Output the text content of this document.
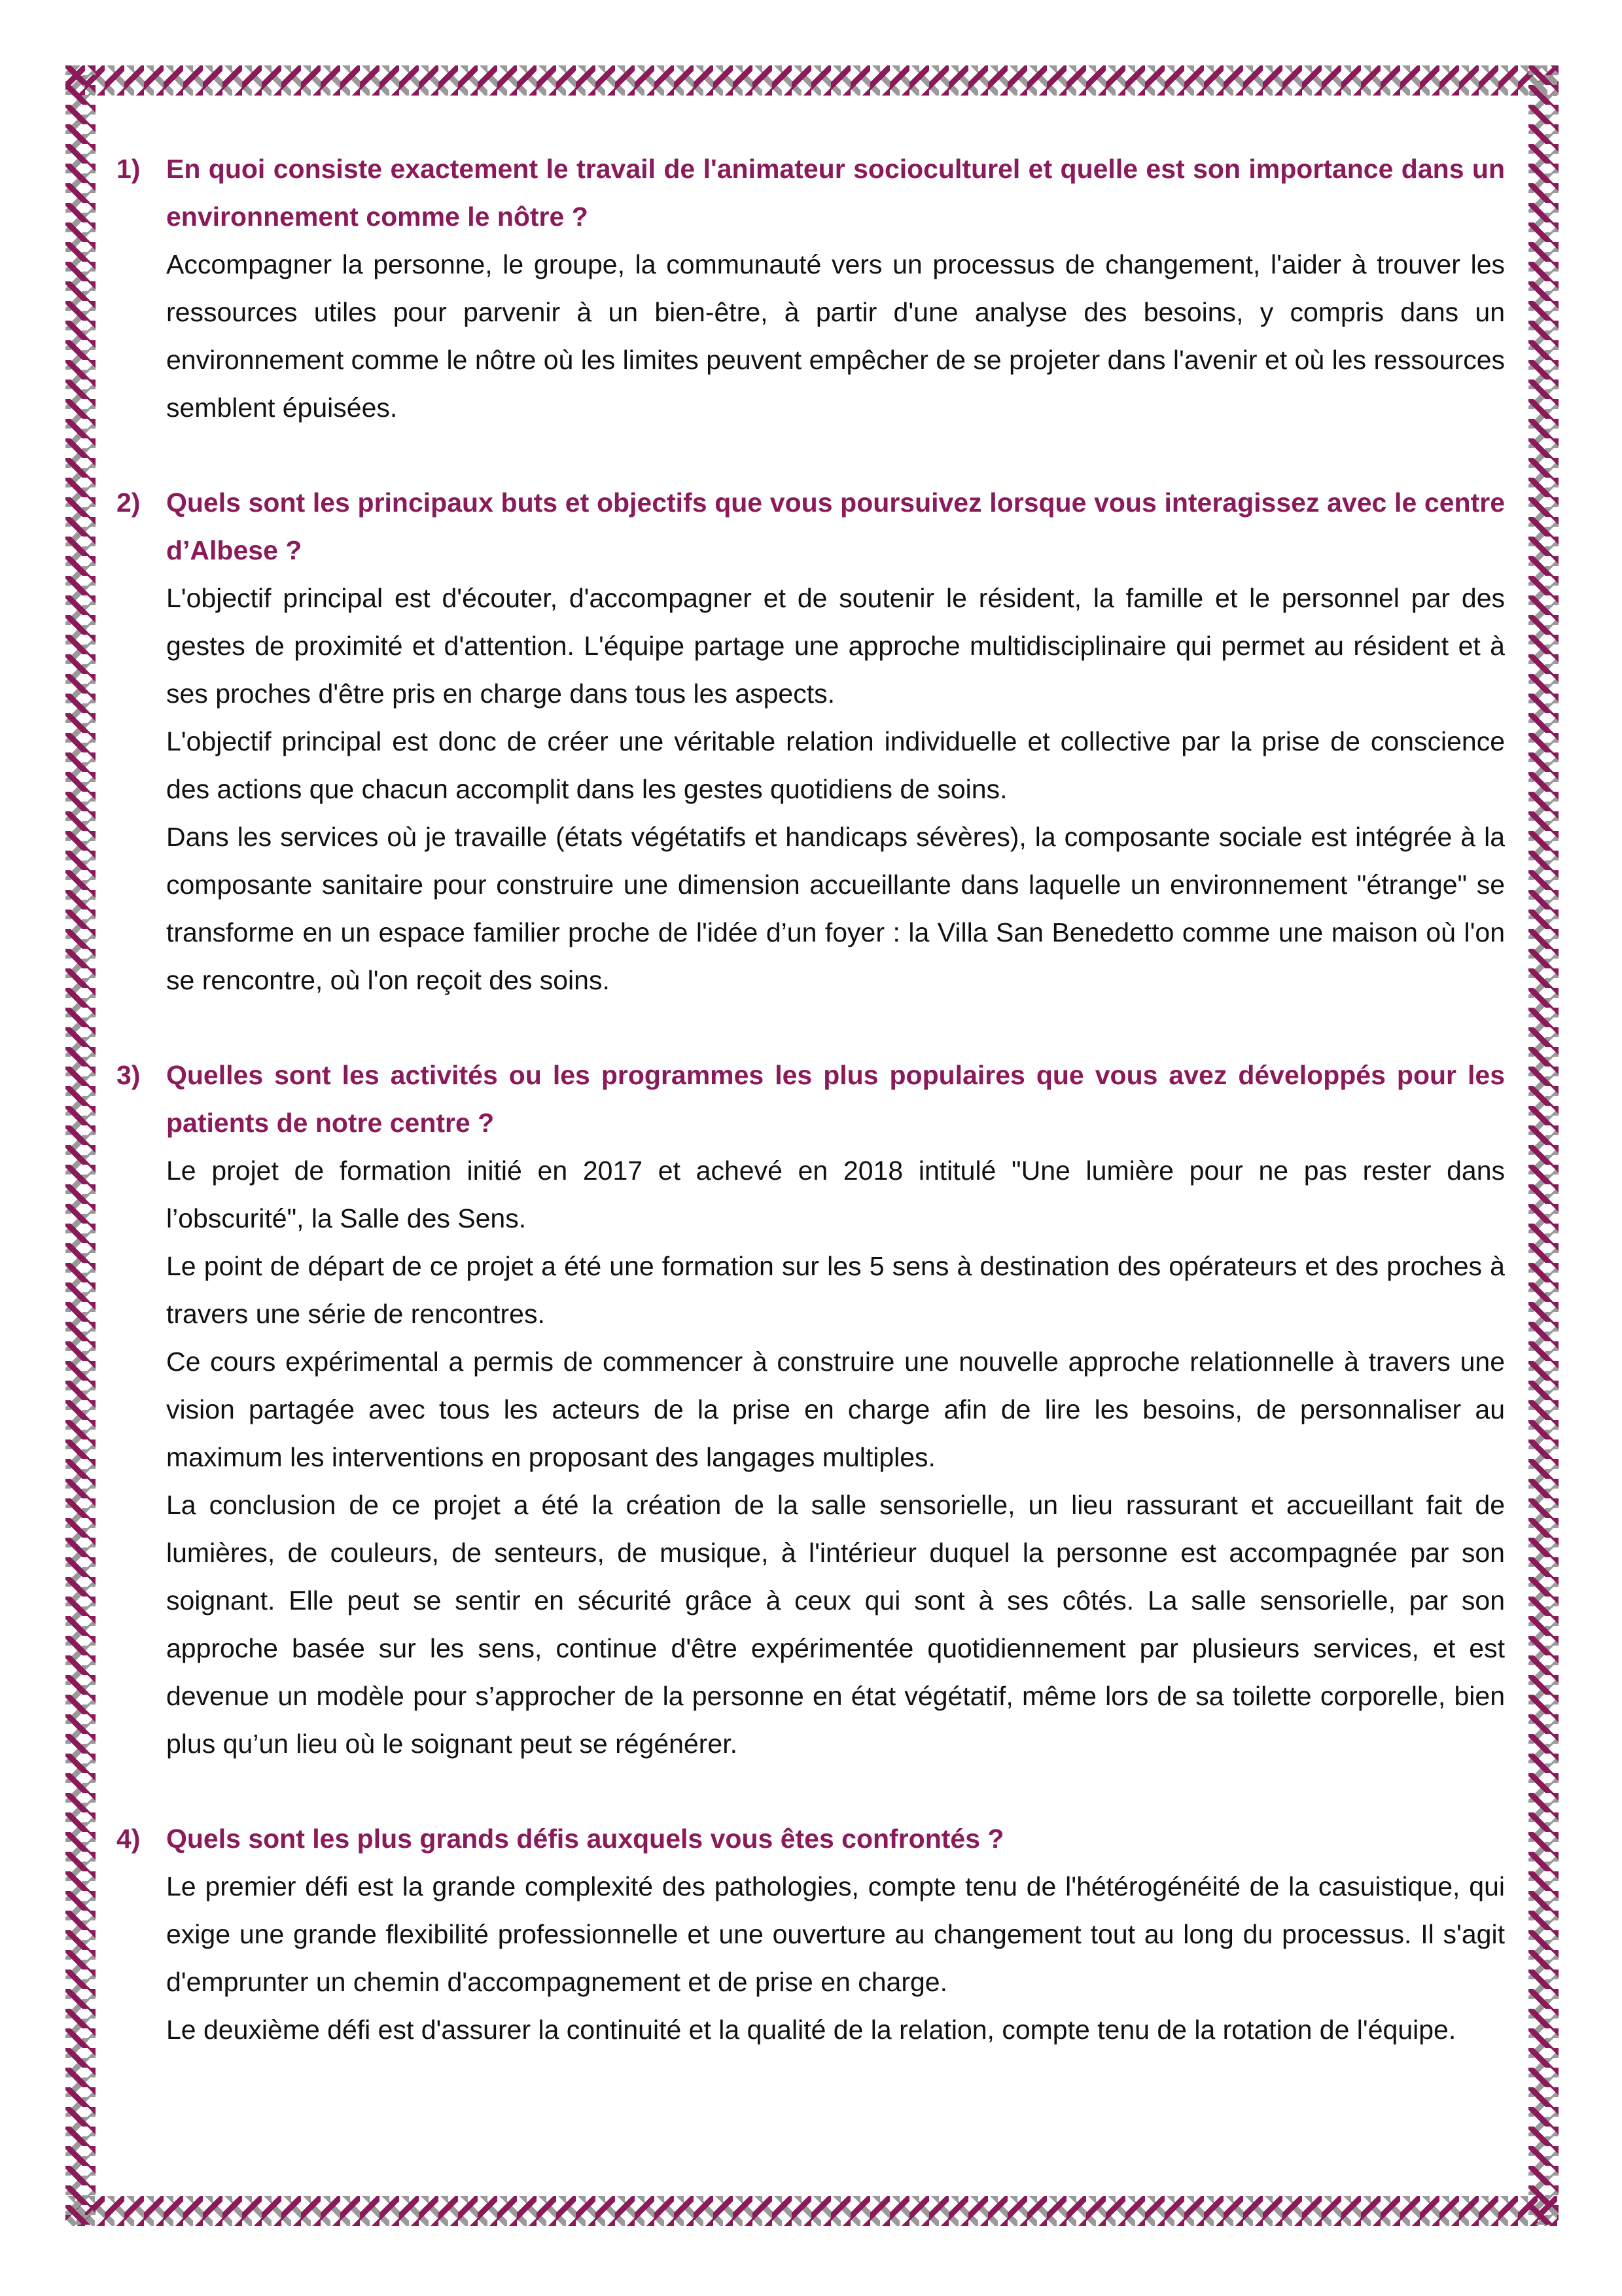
1) En quoi consiste exactement le travail de l'animateur socioculturel et quelle est son importance dans un environnement comme le nôtre ?

Accompagner la personne, le groupe, la communauté vers un processus de changement, l'aider à trouver les ressources utiles pour parvenir à un bien-être, à partir d'une analyse des besoins, y compris dans un environnement comme le nôtre où les limites peuvent empêcher de se projeter dans l'avenir et où les ressources semblent épuisées.

2) Quels sont les principaux buts et objectifs que vous poursuivez lorsque vous interagissez avec le centre d’Albese ?

L'objectif principal est d'écouter, d'accompagner et de soutenir le résident, la famille et le personnel par des gestes de proximité et d'attention. L'équipe partage une approche multidisciplinaire qui permet au résident et à ses proches d'être pris en charge dans tous les aspects.

L'objectif principal est donc de créer une véritable relation individuelle et collective par la prise de conscience des actions que chacun accomplit dans les gestes quotidiens de soins.

Dans les services où je travaille (états végétatifs et handicaps sévères), la composante sociale est intégrée à la composante sanitaire pour construire une dimension accueillante dans laquelle un environnement "étrange" se transforme en un espace familier proche de l'idée d’un foyer : la Villa San Benedetto comme une maison où l'on se rencontre, où l'on reçoit des soins.

3) Quelles sont les activités ou les programmes les plus populaires que vous avez développés pour les patients de notre centre ?

Le projet de formation initié en 2017 et achevé en 2018 intitulé "Une lumière pour ne pas rester dans l’obscurité", la Salle des Sens.

Le point de départ de ce projet a été une formation sur les 5 sens à destination des opérateurs et des proches à travers une série de rencontres.

Ce cours expérimental a permis de commencer à construire une nouvelle approche relationnelle à travers une vision partagée avec tous les acteurs de la prise en charge afin de lire les besoins, de personnaliser au maximum les interventions en proposant des langages multiples.

La conclusion de ce projet a été la création de la salle sensorielle, un lieu rassurant et accueillant fait de lumières, de couleurs, de senteurs, de musique, à l'intérieur duquel la personne est accompagnée par son soignant. Elle peut se sentir en sécurité grâce à ceux qui sont à ses côtés. La salle sensorielle, par son approche basée sur les sens, continue d'être expérimentée quotidiennement par plusieurs services, et est devenue un modèle pour s’approcher de la personne en état végétatif, même lors de sa toilette corporelle, bien plus qu’un lieu où le soignant peut se régénérer.

4) Quels sont les plus grands défis auxquels vous êtes confrontés ?

Le premier défi est la grande complexité des pathologies, compte tenu de l'hétérogénéité de la casuistique, qui exige une grande flexibilité professionnelle et une ouverture au changement tout au long du processus. Il s'agit d'emprunter un chemin d'accompagnement et de prise en charge.

Le deuxième défi est d'assurer la continuité et la qualité de la relation, compte tenu de la rotation de l'équipe.
